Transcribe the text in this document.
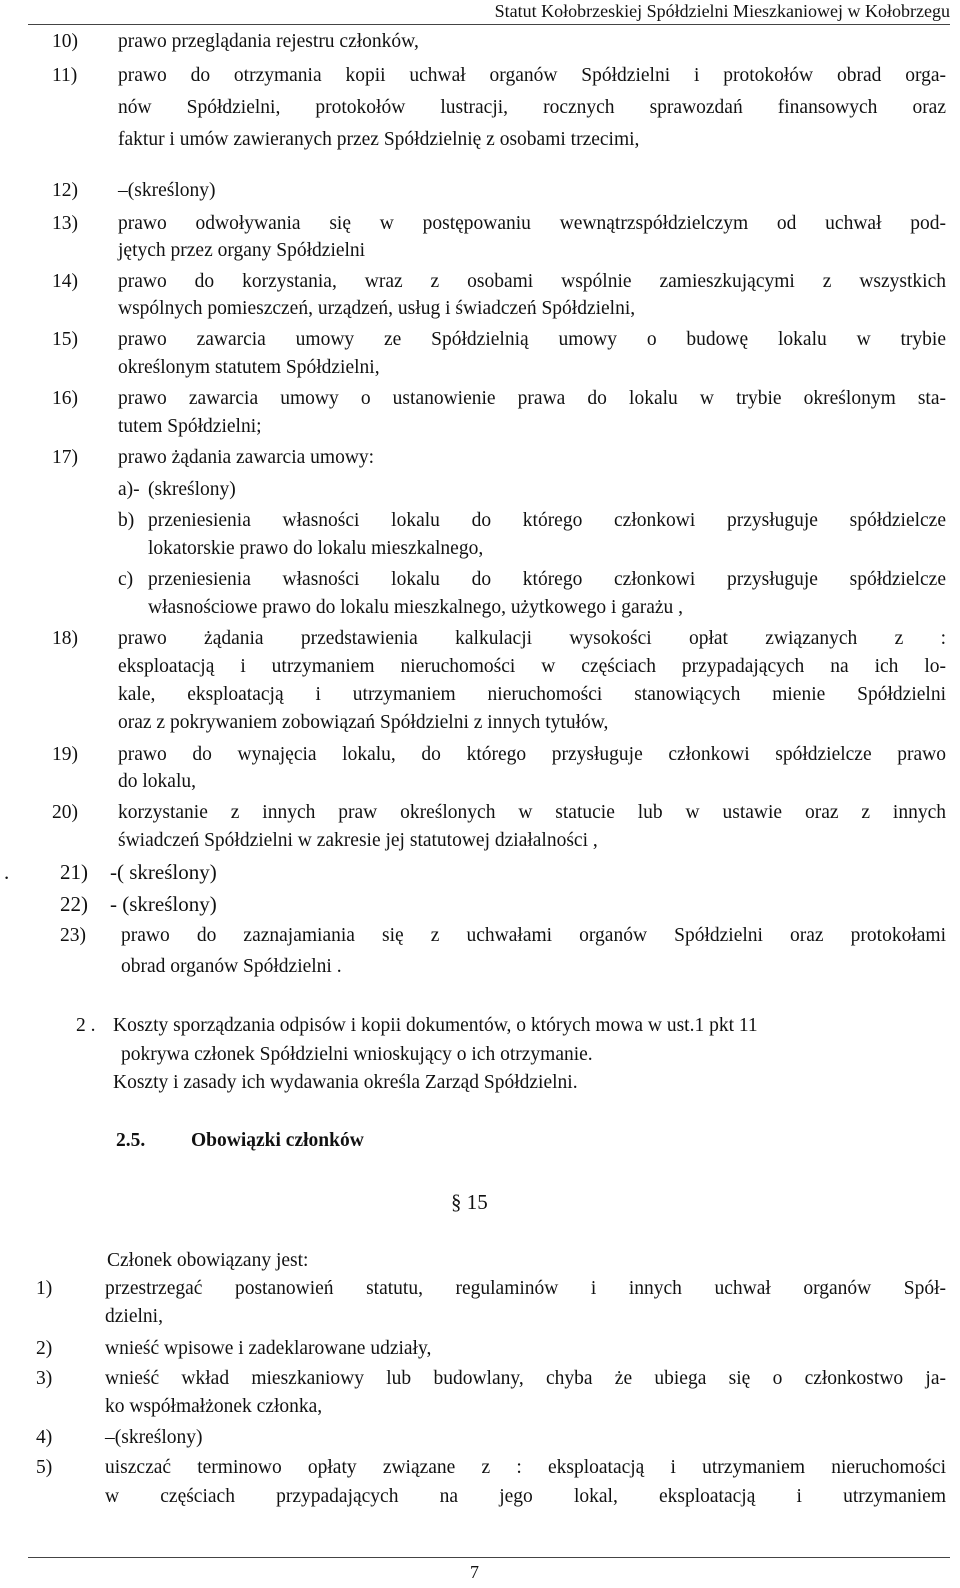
Statut Kołobrzeskiej Spółdzielni Mieszkaniowej w Kołobrzegu
10) prawo przeglądania rejestru członków,

11) prawo do otrzymania kopii uchwał organów Spółdzielni i protokołów obrad orga-

nów Spółdzielni, protokołów lustracji, rocznych sprawozdań finansowych oraz

faktur i umów zawieranych przez Spółdzielnię z osobami trzecimi,

12) –(skreślony)

13) prawo odwoływania się w postępowaniu wewnątrzspółdzielczym od uchwał pod-

jętych przez organy Spółdzielni

14) prawo do korzystania, wraz z osobami wspólnie zamieszkującymi z wszystkich

wspólnych pomieszczeń, urządzeń, usług i świadczeń Spółdzielni,

15) prawo zawarcia umowy ze Spółdzielnią umowy o budowę lokalu w trybie

określonym statutem Spółdzielni,

16) prawo zawarcia umowy o ustanowienie prawa do lokalu w trybie określonym sta-

tutem Spółdzielni;

17) prawo żądania zawarcia umowy:

a)- (skreślony)

b) przeniesienia własności lokalu do którego członkowi przysługuje spółdzielcze

lokatorskie prawo do lokalu mieszkalnego,

c) przeniesienia własności lokalu do którego członkowi przysługuje spółdzielcze

własnościowe prawo do lokalu mieszkalnego, użytkowego i garażu ,

18) prawo żądania przedstawienia kalkulacji wysokości opłat związanych z :

eksploatacją i utrzymaniem nieruchomości w częściach przypadających na ich lo-

kale, eksploatacją i utrzymaniem nieruchomości stanowiących mienie Spółdzielni

oraz z pokrywaniem zobowiązań Spółdzielni z innych tytułów,

19) prawo do wynajęcia lokalu, do którego przysługuje członkowi spółdzielcze prawo

do lokalu,

20) korzystanie z innych praw określonych w statucie lub w ustawie oraz z innych

świadczeń Spółdzielni w zakresie jej statutowej działalności ,

. 21) -( skreślony)

22) - (skreślony)

23) prawo do zaznajamiania się z uchwałami organów Spółdzielni oraz protokołami

obrad organów Spółdzielni .

2 . Koszty sporządzania odpisów i kopii dokumentów, o których mowa w ust.1 pkt 11

pokrywa członek Spółdzielni wnioskujący o ich otrzymanie.

Koszty i zasady ich wydawania określa Zarząd Spółdzielni.

2.5. Obowiązki członków

§ 15

Członek obowiązany jest:

1)	przestrzegać postanowień statutu, regulaminów i innych uchwał organów Spół-

dzielni,

2)	wnieść wpisowe i zadeklarowane udziały,

3)	wnieść wkład mieszkaniowy lub budowlany, chyba że ubiega się o członkostwo ja-

ko współmałżonek członka,

4)	–(skreślony)

5)	uiszczać terminowo opłaty związane z : eksploatacją i utrzymaniem nieruchomości

w częściach przypadających na jego lokal, eksploatacją i utrzymaniem

7
